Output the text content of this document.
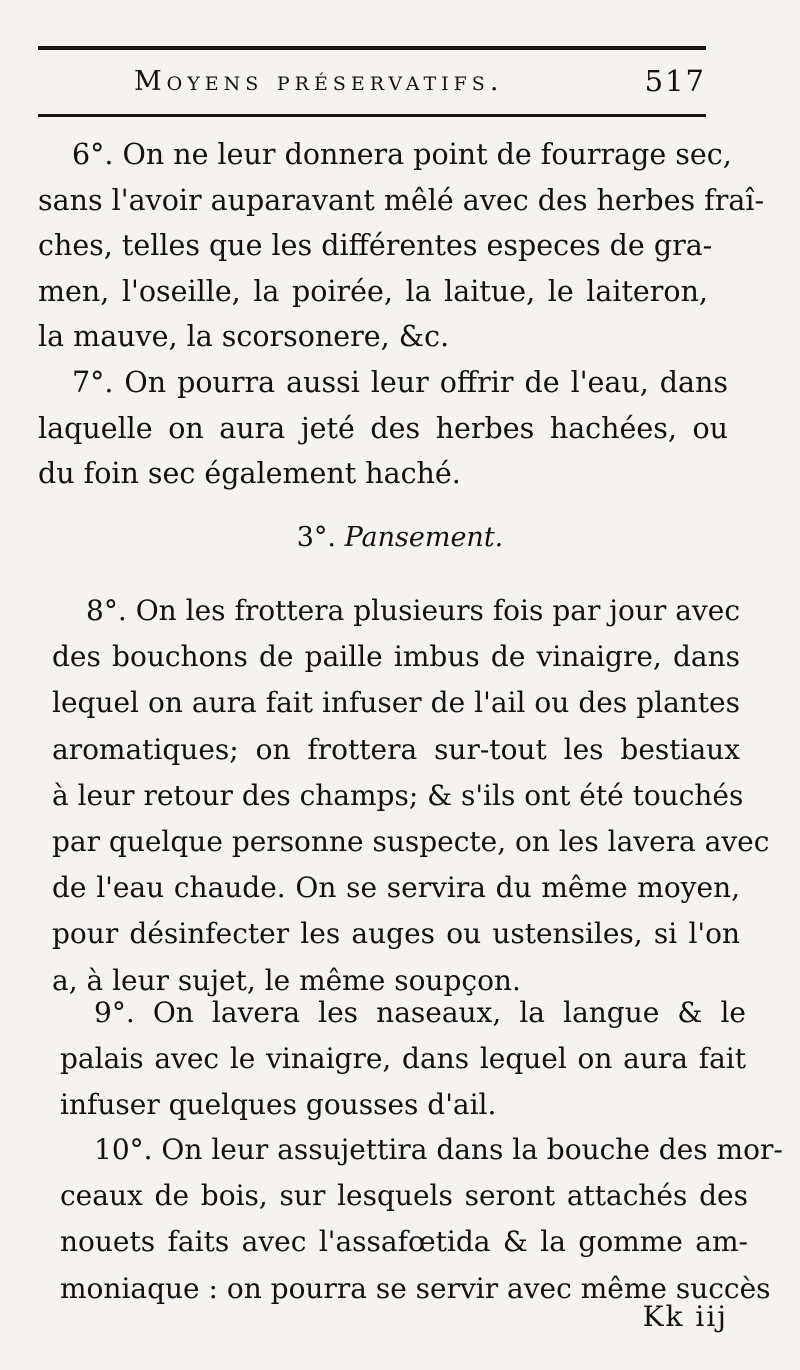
Moyens préservatifs.	517
6°. On ne leur donnera point de fourrage sec,
sans l'avoir auparavant mêlé avec des herbes fraî-
ches, telles que les différentes especes de gra-
men, l'oseille, la poirée, la laitue, le laiteron,
la mauve, la scorsonere, &c.
7°. On pourra aussi leur offrir de l'eau, dans
laquelle on aura jeté des herbes hachées, ou
du foin sec également haché.
3°. Pansement.
8°. On les frottera plusieurs fois par jour avec
des bouchons de paille imbus de vinaigre, dans
lequel on aura fait infuser de l'ail ou des plantes
aromatiques; on frottera sur-tout les bestiaux
à leur retour des champs; & s'ils ont été touchés
par quelque personne suspecte, on les lavera avec
de l'eau chaude. On se servira du même moyen,
pour désinfecter les auges ou ustensiles, si l'on
a, à leur sujet, le même soupçon.
9°. On lavera les naseaux, la langue & le
palais avec le vinaigre, dans lequel on aura fait
infuser quelques gousses d'ail.
10°. On leur assujettira dans la bouche des mor-
ceaux de bois, sur lesquels seront attachés des
nouets faits avec l'assafœtida & la gomme am-
moniaque : on pourra se servir avec même succès
Kk iij
